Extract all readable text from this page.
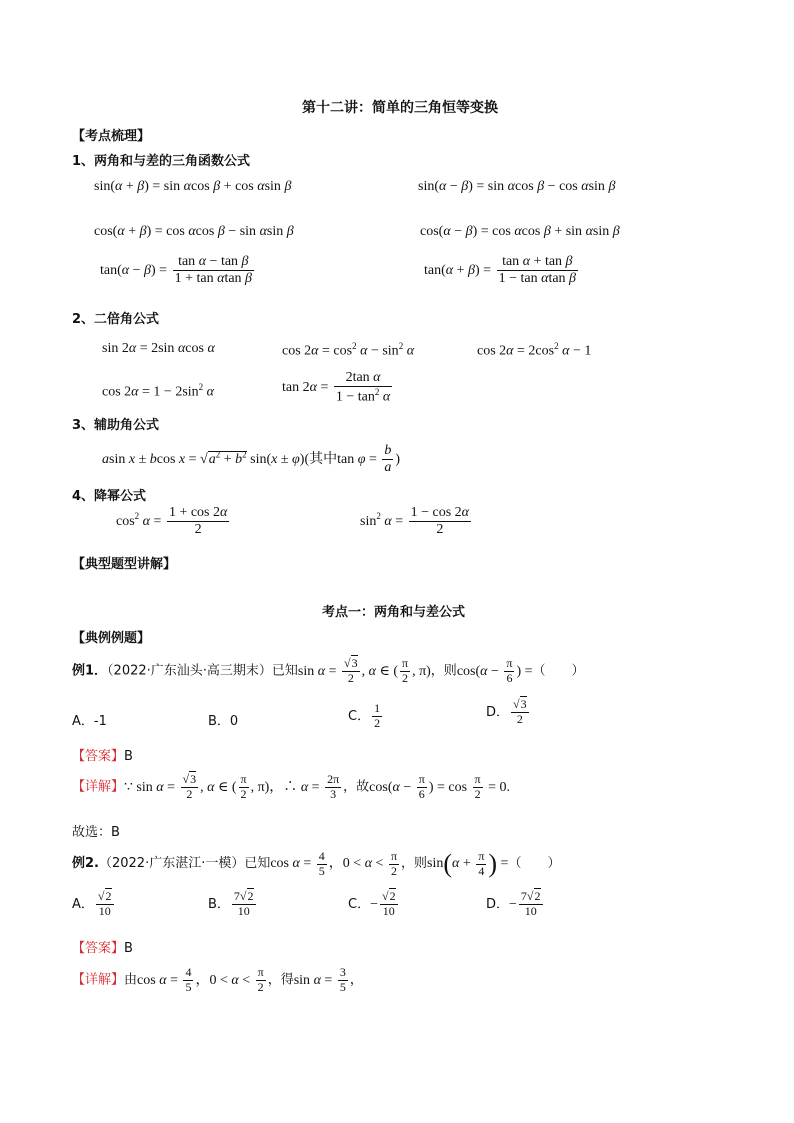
第十二讲：简单的三角恒等变换
【考点梳理】
1、两角和与差的三角函数公式
sin(α + β) = sin αcos β + cos αsin β	sin(α − β) = sin αcos β − cos αsin β
cos(α + β) = cos αcos β − sin αsin β	cos(α − β) = cos αcos β + sin αsin β
$\tan(\alpha - \beta) = \frac{\text{tan α − tan β}}{\text{1 + tan αtan β}}$	$\tan(\alpha + \beta) = \frac{\text{tan α + tan β}}{\text{1 − tan αtan β}}$
2、二倍角公式
sin 2α = 2sin αcos α	$\cos 2\alpha = \cos^2 \alpha - \sin^2 \alpha$	$\cos 2\alpha = 2\cos^2$ α − 1
$\cos 2\alpha = 1 - 2\sin^2$ α	$\tan 2\alpha = \frac{\text{2tan α}}{1 - \tan^2 \alpha}$
3、辅助角公式
asin x ± bcos $x = √a^2 + b^2$ sin(x ± φ)(其中$\tan \varphi = \frac{b}{a}$ )
4、降幂公式
$\cos^2 \alpha = \frac{1 + \cos 2\alpha}{2}$	$\sin^2 \alpha = \frac{1 - \cos 2\alpha}{2}$
【典型题型讲解】
考点一：两角和与差公式
【典例例题】
例1．（2022·广东汕头·高三期末）已知$\sin \alpha = \frac{√3}{2}$ , α ∈ ( $\frac{\pi}{2}$ , π)，则$\cos(\alpha - \frac{\pi}{6}$ ) =（　　）
A．-1	B．0	C． $\frac{1}{2}$	D． $\frac{√3}{2}$
【答案】B
【详解】∵ $\sin \alpha = \frac{√3}{2}$ , α ∈ ( $\frac{\pi}{2}$ , π)，∴ $\alpha = \frac{2\pi}{3}$ ，故$\cos(\alpha - \frac{\pi}{6}$ ) = $\cos \frac{\pi}{2} = 0$.
故选：B
例2.（2022·广东湛江·一模）已知$\cos \alpha = \frac{4}{5}$ ，$0 < \alpha < \frac{\pi}{2}$ ，则$\sin(\alpha + \frac{\pi}{4}$ ) =（　　）
A． $\frac{√2}{10}$	B． $\frac{7√2}{10}$	C．− $\frac{√2}{10}$	D．− $\frac{7√2}{10}$
【答案】B
【详解】由$\cos \alpha = \frac{4}{5}$ ，$0 < \alpha < \frac{\pi}{2}$ ，得$\sin \alpha = \frac{3}{5}$ ，
